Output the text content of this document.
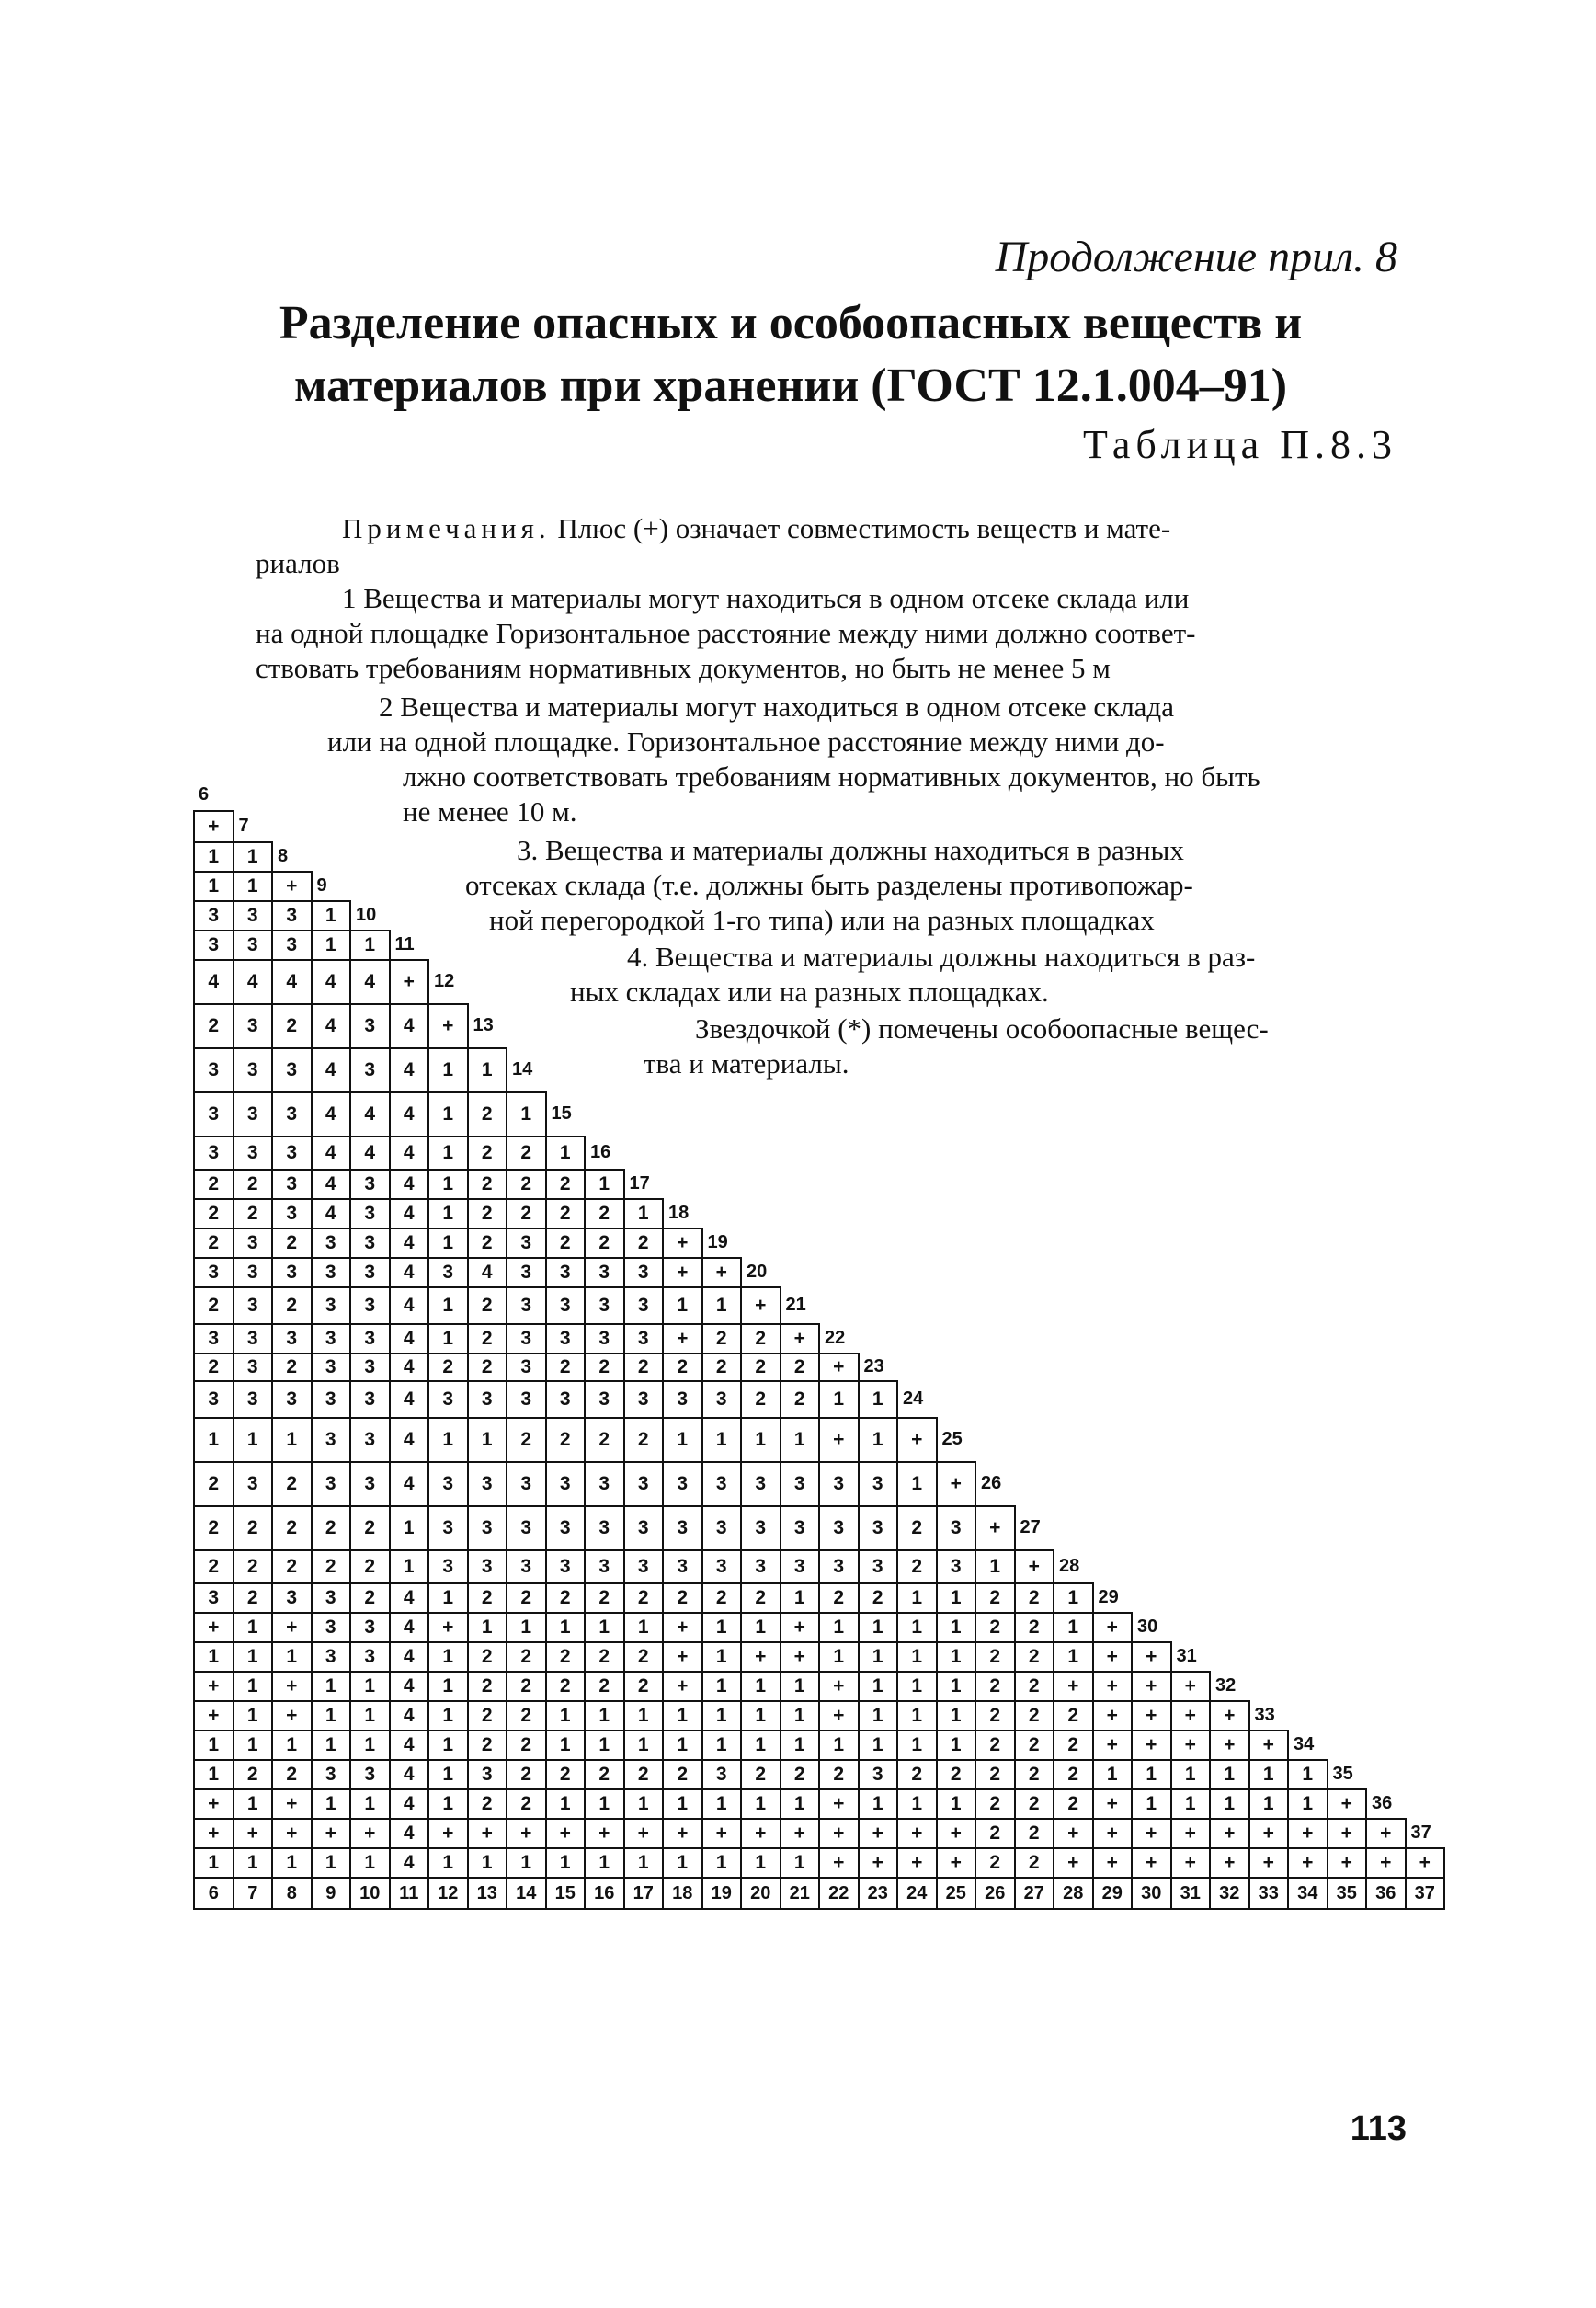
Продолжение прил. 8
Разделение опасных и особоопасных веществ и
материалов при хранении (ГОСТ 12.1.004–91)
Таблица П.8.3
Примечания. Плюс (+) означает совместимость веществ и мате-
риалов
1 Вещества и материалы могут находиться в одном отсеке склада или
на одной площадке Горизонтальное расстояние между ними должно соответ-
ствовать требованиям нормативных документов, но быть не менее 5 м
2 Вещества и материалы могут находиться в одном отсеке склада
или на одной площадке. Горизонтальное расстояние между ними до-
лжно соответствовать требованиям нормативных документов, но быть
не менее 10 м.
3. Вещества и материалы должны находиться в разных
отсеках склада (т.е. должны быть разделены противопожар-
ной перегородкой 1-го типа) или на разных площадках
4. Вещества и материалы должны находиться в раз-
ных складах или на разных площадках.
Звездочкой (*) помечены особоопасные вещес-
тва и материалы.
6																															
+	7																														
1	1	8																													
1	1	+	9																												
3	3	3	1	10																											
3	3	3	1	1	11																										
4	4	4	4	4	+	12																									
2	3	2	4	3	4	+	13																								
3	3	3	4	3	4	1	1	14																							
3	3	3	4	4	4	1	2	1	15																						
3	3	3	4	4	4	1	2	2	1	16																					
2	2	3	4	3	4	1	2	2	2	1	17																				
2	2	3	4	3	4	1	2	2	2	2	1	18																			
2	3	2	3	3	4	1	2	3	2	2	2	+	19																		
3	3	3	3	3	4	3	4	3	3	3	3	+	+	20																	
2	3	2	3	3	4	1	2	3	3	3	3	1	1	+	21																
3	3	3	3	3	4	1	2	3	3	3	3	+	2	2	+	22															
2	3	2	3	3	4	2	2	3	2	2	2	2	2	2	2	+	23														
3	3	3	3	3	4	3	3	3	3	3	3	3	3	2	2	1	1	24													
1	1	1	3	3	4	1	1	2	2	2	2	1	1	1	1	+	1	+	25												
2	3	2	3	3	4	3	3	3	3	3	3	3	3	3	3	3	3	1	+	26											
2	2	2	2	2	1	3	3	3	3	3	3	3	3	3	3	3	3	2	3	+	27										
2	2	2	2	2	1	3	3	3	3	3	3	3	3	3	3	3	3	2	3	1	+	28									
3	2	3	3	2	4	1	2	2	2	2	2	2	2	2	1	2	2	1	1	2	2	1	29								
+	1	+	3	3	4	+	1	1	1	1	1	+	1	1	+	1	1	1	1	2	2	1	+	30							
1	1	1	3	3	4	1	2	2	2	2	2	+	1	+	+	1	1	1	1	2	2	1	+	+	31						
+	1	+	1	1	4	1	2	2	2	2	2	+	1	1	1	+	1	1	1	2	2	+	+	+	+	32					
+	1	+	1	1	4	1	2	2	1	1	1	1	1	1	1	+	1	1	1	2	2	2	+	+	+	+	33				
1	1	1	1	1	4	1	2	2	1	1	1	1	1	1	1	1	1	1	1	2	2	2	+	+	+	+	+	34			
1	2	2	3	3	4	1	3	2	2	2	2	2	3	2	2	2	3	2	2	2	2	2	1	1	1	1	1	1	35		
+	1	+	1	1	4	1	2	2	1	1	1	1	1	1	1	+	1	1	1	2	2	2	+	1	1	1	1	1	+	36	
+	+	+	+	+	4	+	+	+	+	+	+	+	+	+	+	+	+	+	+	2	2	+	+	+	+	+	+	+	+	+	37
1	1	1	1	1	4	1	1	1	1	1	1	1	1	1	1	+	+	+	+	2	2	+	+	+	+	+	+	+	+	+	+
6	7	8	9	10	11	12	13	14	15	16	17	18	19	20	21	22	23	24	25	26	27	28	29	30	31	32	33	34	35	36	37
113
